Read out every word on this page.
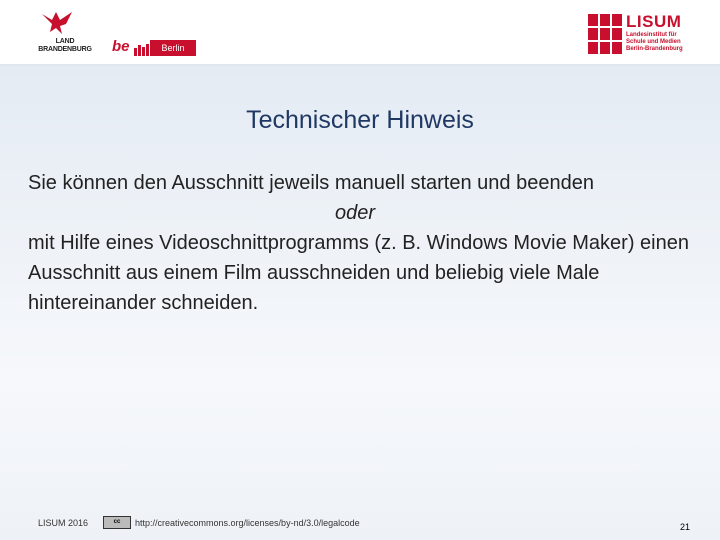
LAND
BRANDENBURG	be	Berlin
LISUM
Landesinstitut für
Schule und Medien
Berlin-Brandenburg
Technischer Hinweis

Sie können den Ausschnitt jeweils manuell starten und beenden

oder

mit Hilfe eines Videoschnittprogramms (z. B. Windows Movie Maker) einen Ausschnitt aus einem Film ausschneiden und beliebig viele Male hintereinander schneiden.

LISUM 2016	cc	http://creativecommons.org/licenses/by-nd/3.0/legalcode	21
